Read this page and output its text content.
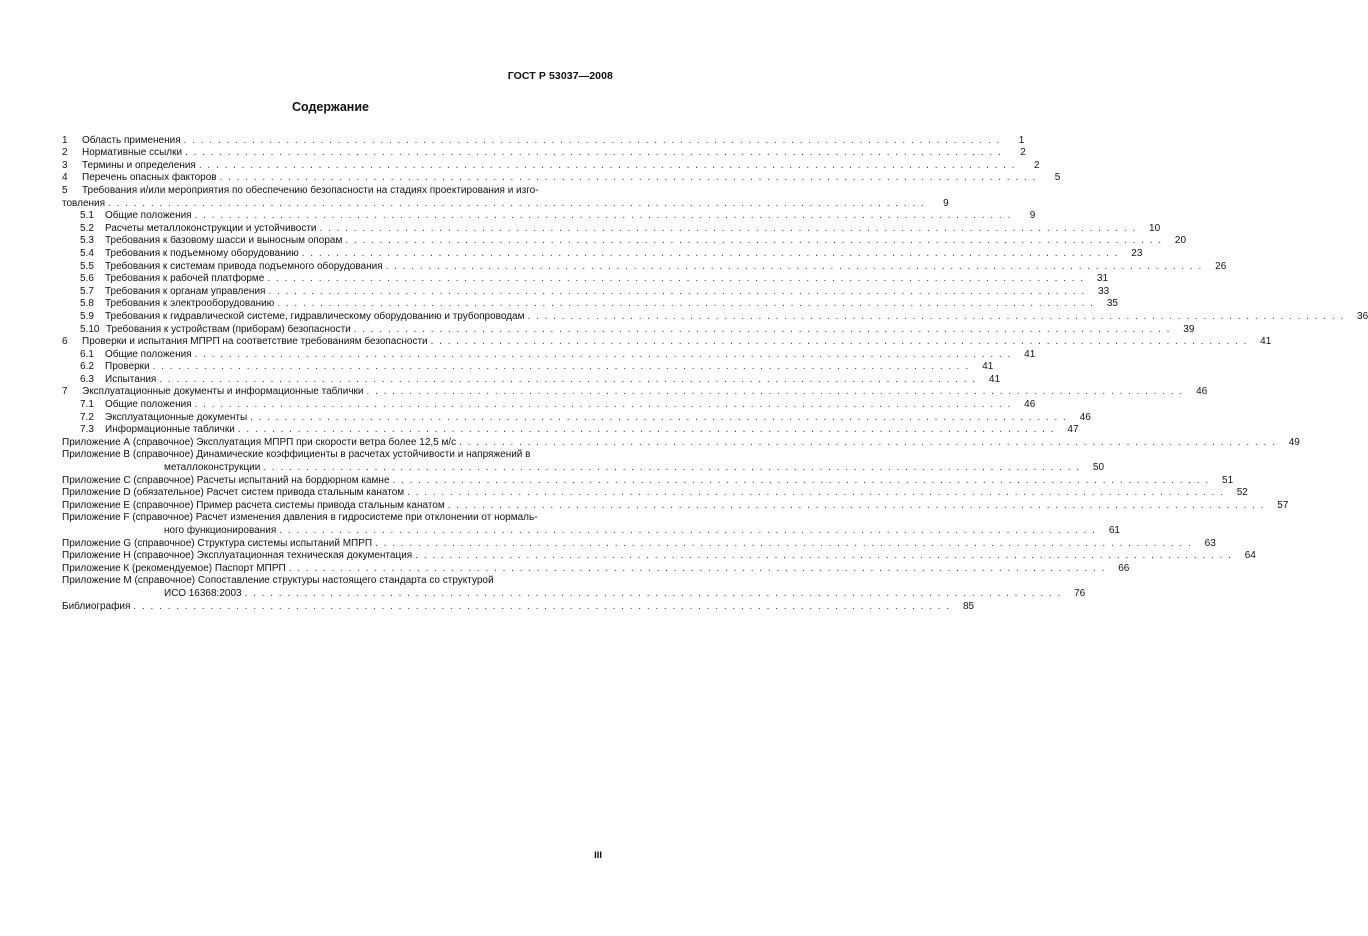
ГОСТ Р 53037—2008
Содержание
1	Область применения . . .	1
2	Нормативные ссылки . . .	2
3	Термины и определения . . .	2
4	Перечень опасных факторов . . .	5
5	Требования и/или мероприятия по обеспечению безопасности на стадиях проектирования и изго-
товления . . .	9
5.1	Общие положения . . .	9
5.2	Расчеты металлоконструкции и устойчивости . . .	10
5.3	Требования к базовому шасси и выносным опорам . . .	20
5.4	Требования к подъемному оборудованию . . .	23
5.5	Требования к системам привода подъемного оборудования . . .	26
5.6	Требования к рабочей платформе . . .	31
5.7	Требования к органам управления . . .	33
5.8	Требования к электрооборудованию . . .	35
5.9	Требования к гидравлической системе, гидравлическому оборудованию и трубопроводам . . .	36
5.10 Требования к устройствам (приборам) безопасности . . .	39
6	Проверки и испытания МПРП на соответствие требованиям безопасности . . .	41
6.1	Общие положения . . .	41
6.2	Проверки . . .	41
6.3	Испытания . . .	41
7	Эксплуатационные документы и информационные таблички . . .	46
7.1	Общие положения . . .	46
7.2	Эксплуатационные документы . . .	46
7.3	Информационные таблички . . .	47
Приложение А (справочное) Эксплуатация МПРП при скорости ветра более 12,5 м/с . . .	49
Приложение В (справочное) Динамические коэффициенты в расчетах устойчивости и напряжений в
металлоконструкции . . .	50
Приложение С (справочное) Расчеты испытаний на бордюрном камне . . .	51
Приложение D (обязательное) Расчет систем привода стальным канатом . . .	52
Приложение Е (справочное) Пример расчета системы привода стальным канатом . . .	57
Приложение F (справочное) Расчет изменения давления в гидросистеме при отклонении от нормаль-
ного функционирования . . .	61
Приложение G (справочное) Структура системы испытаний МПРП . . .	63
Приложение Н (справочное) Эксплуатационная техническая документация . . .	64
Приложение К (рекомендуемое) Паспорт МПРП . . .	66
Приложение М (справочное) Сопоставление структуры настоящего стандарта со структурой
ИСО 16368:2003 . . .	76
Библиография . . .	85
III
